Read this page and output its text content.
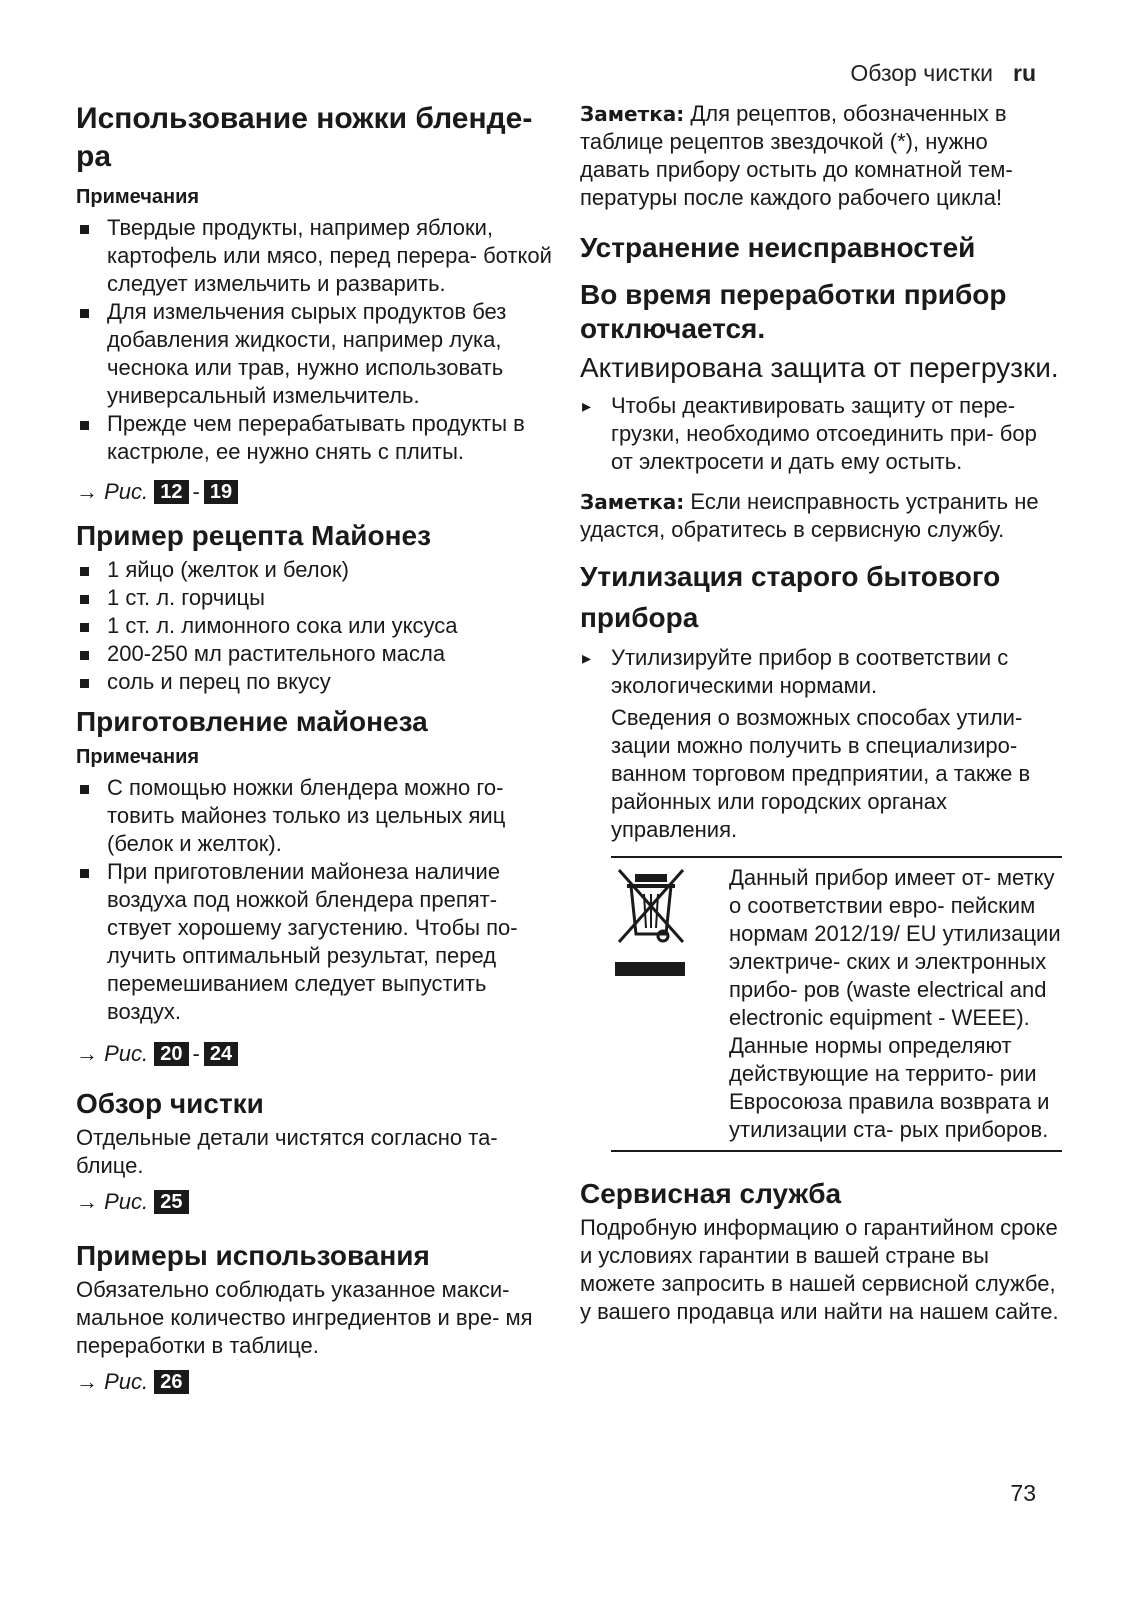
Обзор чистки ru
Использование ножки бленде-
ра
Примечания
Твердые продукты, например яблоки, картофель или мясо, перед перера- боткой следует измельчить и разварить.
Для измельчения сырых продуктов без добавления жидкости, например лука, чеснока или трав, нужно использовать универсальный измельчитель.
Прежде чем перерабатывать продукты в кастрюле, ее нужно снять с плиты.
→ Рис. 12 - 19
Пример рецепта Майонез
1 яйцо (желток и белок)
1 ст. л. горчицы
1 ст. л. лимонного сока или уксуса
200-250 мл растительного масла
соль и перец по вкусу
Приготовление майонеза
Примечания
С помощью ножки блендера можно го- товить майонез только из цельных яиц (белок и желток).
При приготовлении майонеза наличие воздуха под ножкой блендера препят- ствует хорошему загустению. Чтобы по- лучить оптимальный результат, перед перемешиванием следует выпустить воздух.
→ Рис. 20 - 24
Обзор чистки

Отдельные детали чистятся согласно та- блице.

→ Рис. 25
Примеры использования

Обязательно соблюдать указанное макси- мальное количество ингредиентов и вре- мя переработки в таблице.

→ Рис. 26

Заметка: Для рецептов, обозначенных в таблице рецептов звездочкой (*), нужно давать прибору остыть до комнатной тем- пературы после каждого рабочего цикла!

Устранение неисправностей
Во время переработки прибор отключается.

Активирована защита от перегрузки.

▸ Чтобы деактивировать защиту от пере- грузки, необходимо отсоединить при- бор от электросети и дать ему остыть.

Заметка: Если неисправность устранить не удастся, обратитесь в сервисную службу.

Утилизация старого бытового прибора
▸ Утилизируйте прибор в соответствии с экологическими нормами.
Сведения о возможных способах утили- зации можно получить в специализиро- ванном торговом предприятии, а также в районных или городских органах управления.
Данный прибор имеет от- метку о соответствии евро- пейским нормам 2012/19/ EU утилизации электриче- ских и электронных прибо- ров (waste electrical and electronic equipment - WEEE). Данные нормы определяют действующие на террито- рии Евросоюза правила возврата и утилизации ста- рых приборов.
Сервисная служба

Подробную информацию о гарантийном сроке и условиях гарантии в вашей стране вы можете запросить в нашей сервисной службе, у вашего продавца или найти на нашем сайте.

73
